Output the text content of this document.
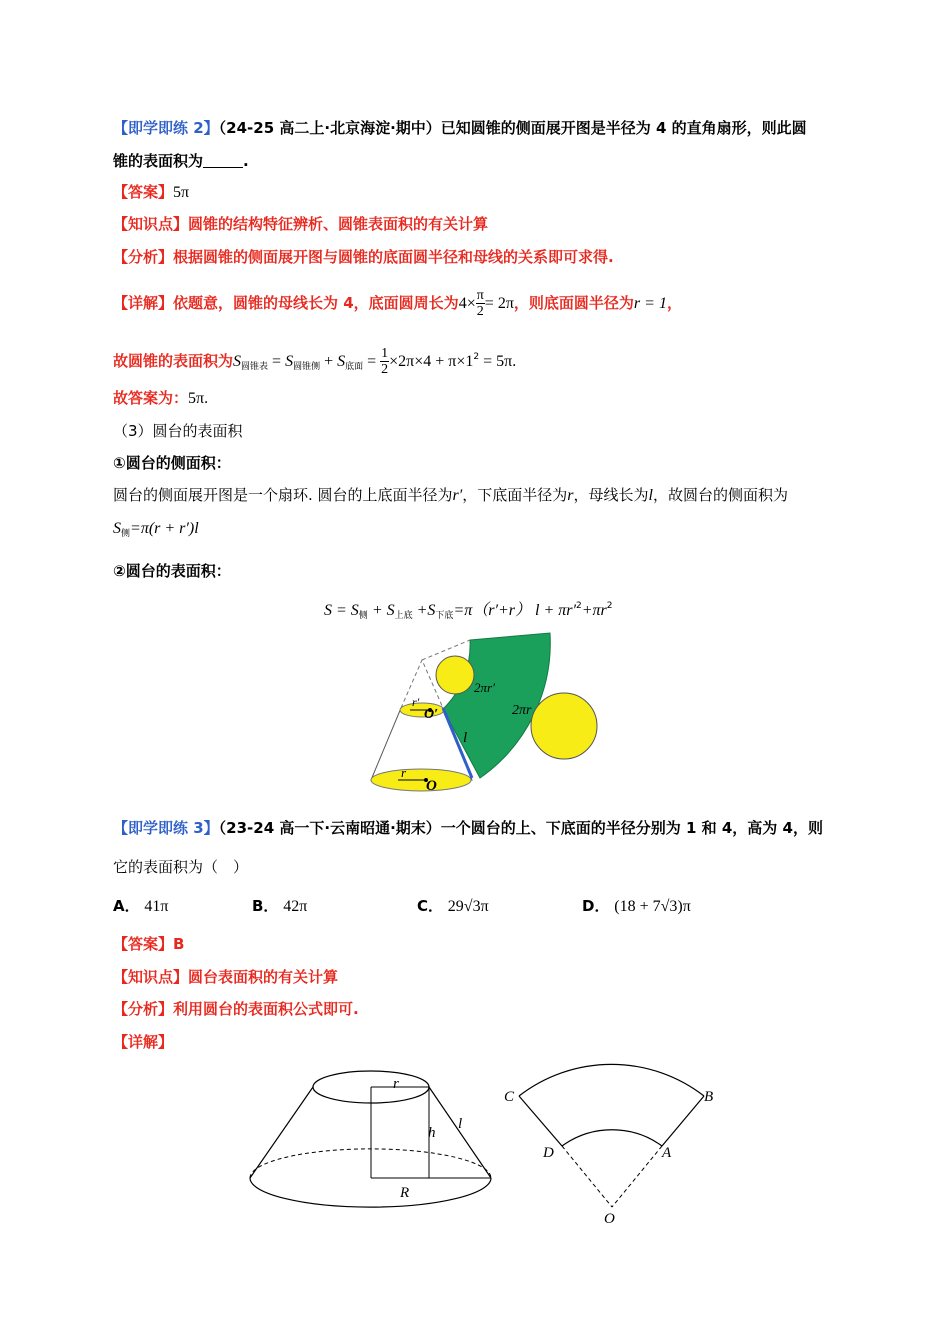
【即学即练 2】（24-25 高二上·北京海淀·期中）已知圆锥的侧面展开图是半径为 4 的直角扇形，则此圆
锥的表面积为	.
【答案】5π
【知识点】圆锥的结构特征辨析、圆锥表面积的有关计算
【分析】根据圆锥的侧面展开图与圆锥的底面圆半径和母线的关系即可求得.
【详解】依题意，圆锥的母线长为 4，底面圆周长为$4\times \frac{\pi}{2} = 2\pi$，则底面圆半径为r = 1，
故圆锥的表面积为$S_{圆锥表} = S_{圆锥侧} + S_{底面} = \frac{1}{2} \times 2\pi\times 4 + \pi\times 1^2 = 5\pi$.
故答案为：5π.
（3）圆台的表面积
①圆台的侧面积：
圆台的侧面展开图是一个扇环. 圆台的上底面半径为r′，下底面半径为r，母线长为l，故圆台的侧面积为
$S_侧=\pi(r + r')l$
②圆台的表面积：
$S = S_侧 + S_{上底} +S_{下底}=\pi(r'+r) l + \pi r'^2+\pi r^2$
2πr′
2πr
l
r′
O′
r
O
【即学即练 3】（23-24 高一下·云南昭通·期末）一个圆台的上、下底面的半径分别为 1 和 4，高为 4，则
它的表面积为（　）
A． 41π	B． 42π	C． 29√3π	D． (18 + 7√3)π
【答案】B
【知识点】圆台表面积的有关计算
【分析】利用圆台的表面积公式即可.
【详解】
r
h
l
R
C	B
D	A
O
